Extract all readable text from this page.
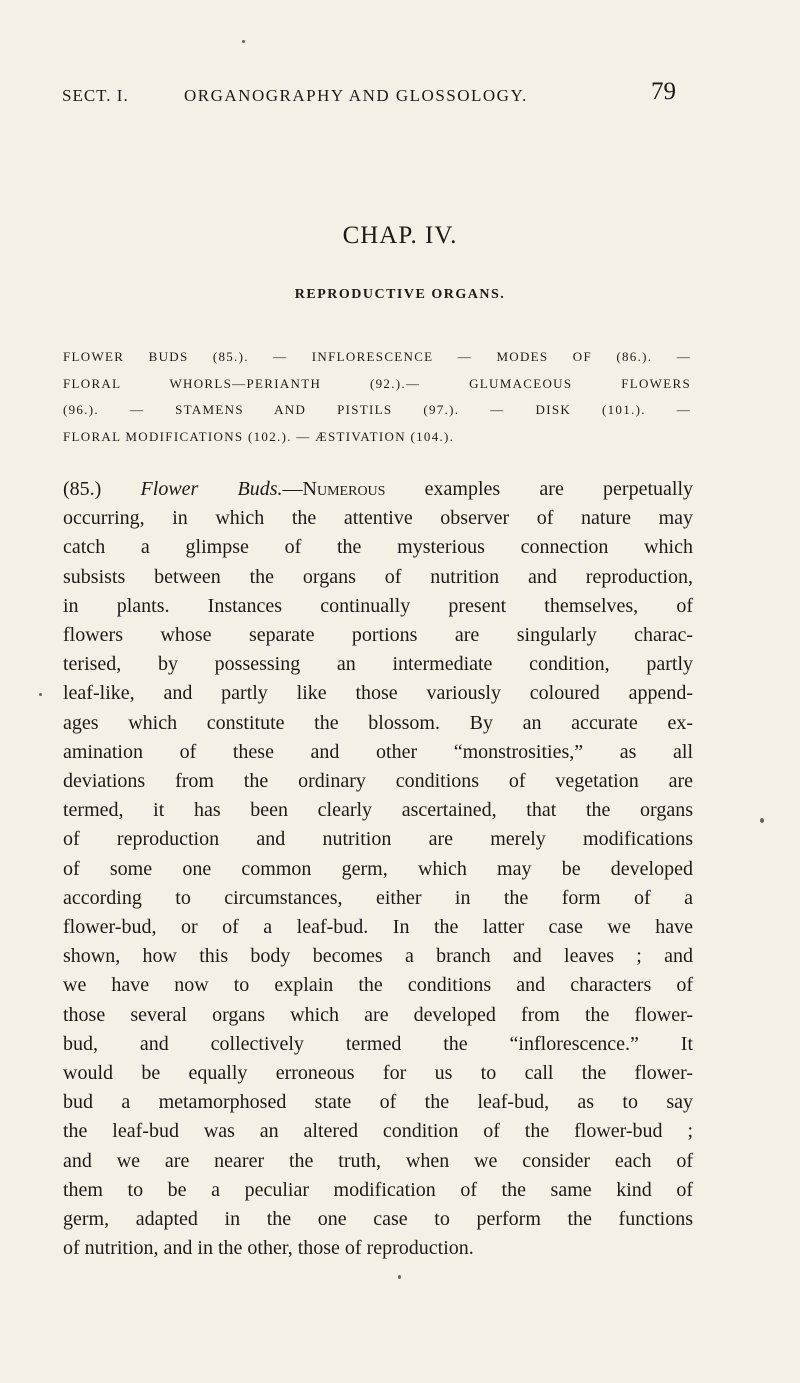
SECT. I.	ORGANOGRAPHY AND GLOSSOLOGY.	79
CHAP. IV.
REPRODUCTIVE ORGANS.
FLOWER BUDS (85.). — INFLORESCENCE — MODES OF (86.). —
FLORAL WHORLS—PERIANTH (92.).— GLUMACEOUS FLOWERS
(96.). — STAMENS AND PISTILS (97.). — DISK (101.). —
FLORAL MODIFICATIONS (102.). — ÆSTIVATION (104.).
(85.) Flower Buds.—Numerous examples are perpetually
occurring, in which the attentive observer of nature may
catch a glimpse of the mysterious connection which
subsists between the organs of nutrition and reproduction,
in plants. Instances continually present themselves, of
flowers whose separate portions are singularly charac-
terised, by possessing an intermediate condition, partly
leaf-like, and partly like those variously coloured append-
ages which constitute the blossom. By an accurate ex-
amination of these and other “monstrosities,” as all
deviations from the ordinary conditions of vegetation are
termed, it has been clearly ascertained, that the organs
of reproduction and nutrition are merely modifications
of some one common germ, which may be developed
according to circumstances, either in the form of a
flower-bud, or of a leaf-bud. In the latter case we have
shown, how this body becomes a branch and leaves ; and
we have now to explain the conditions and characters of
those several organs which are developed from the flower-
bud, and collectively termed the “inflorescence.” It
would be equally erroneous for us to call the flower-
bud a metamorphosed state of the leaf-bud, as to say
the leaf-bud was an altered condition of the flower-bud ;
and we are nearer the truth, when we consider each of
them to be a peculiar modification of the same kind of
germ, adapted in the one case to perform the functions
of nutrition, and in the other, those of reproduction.
